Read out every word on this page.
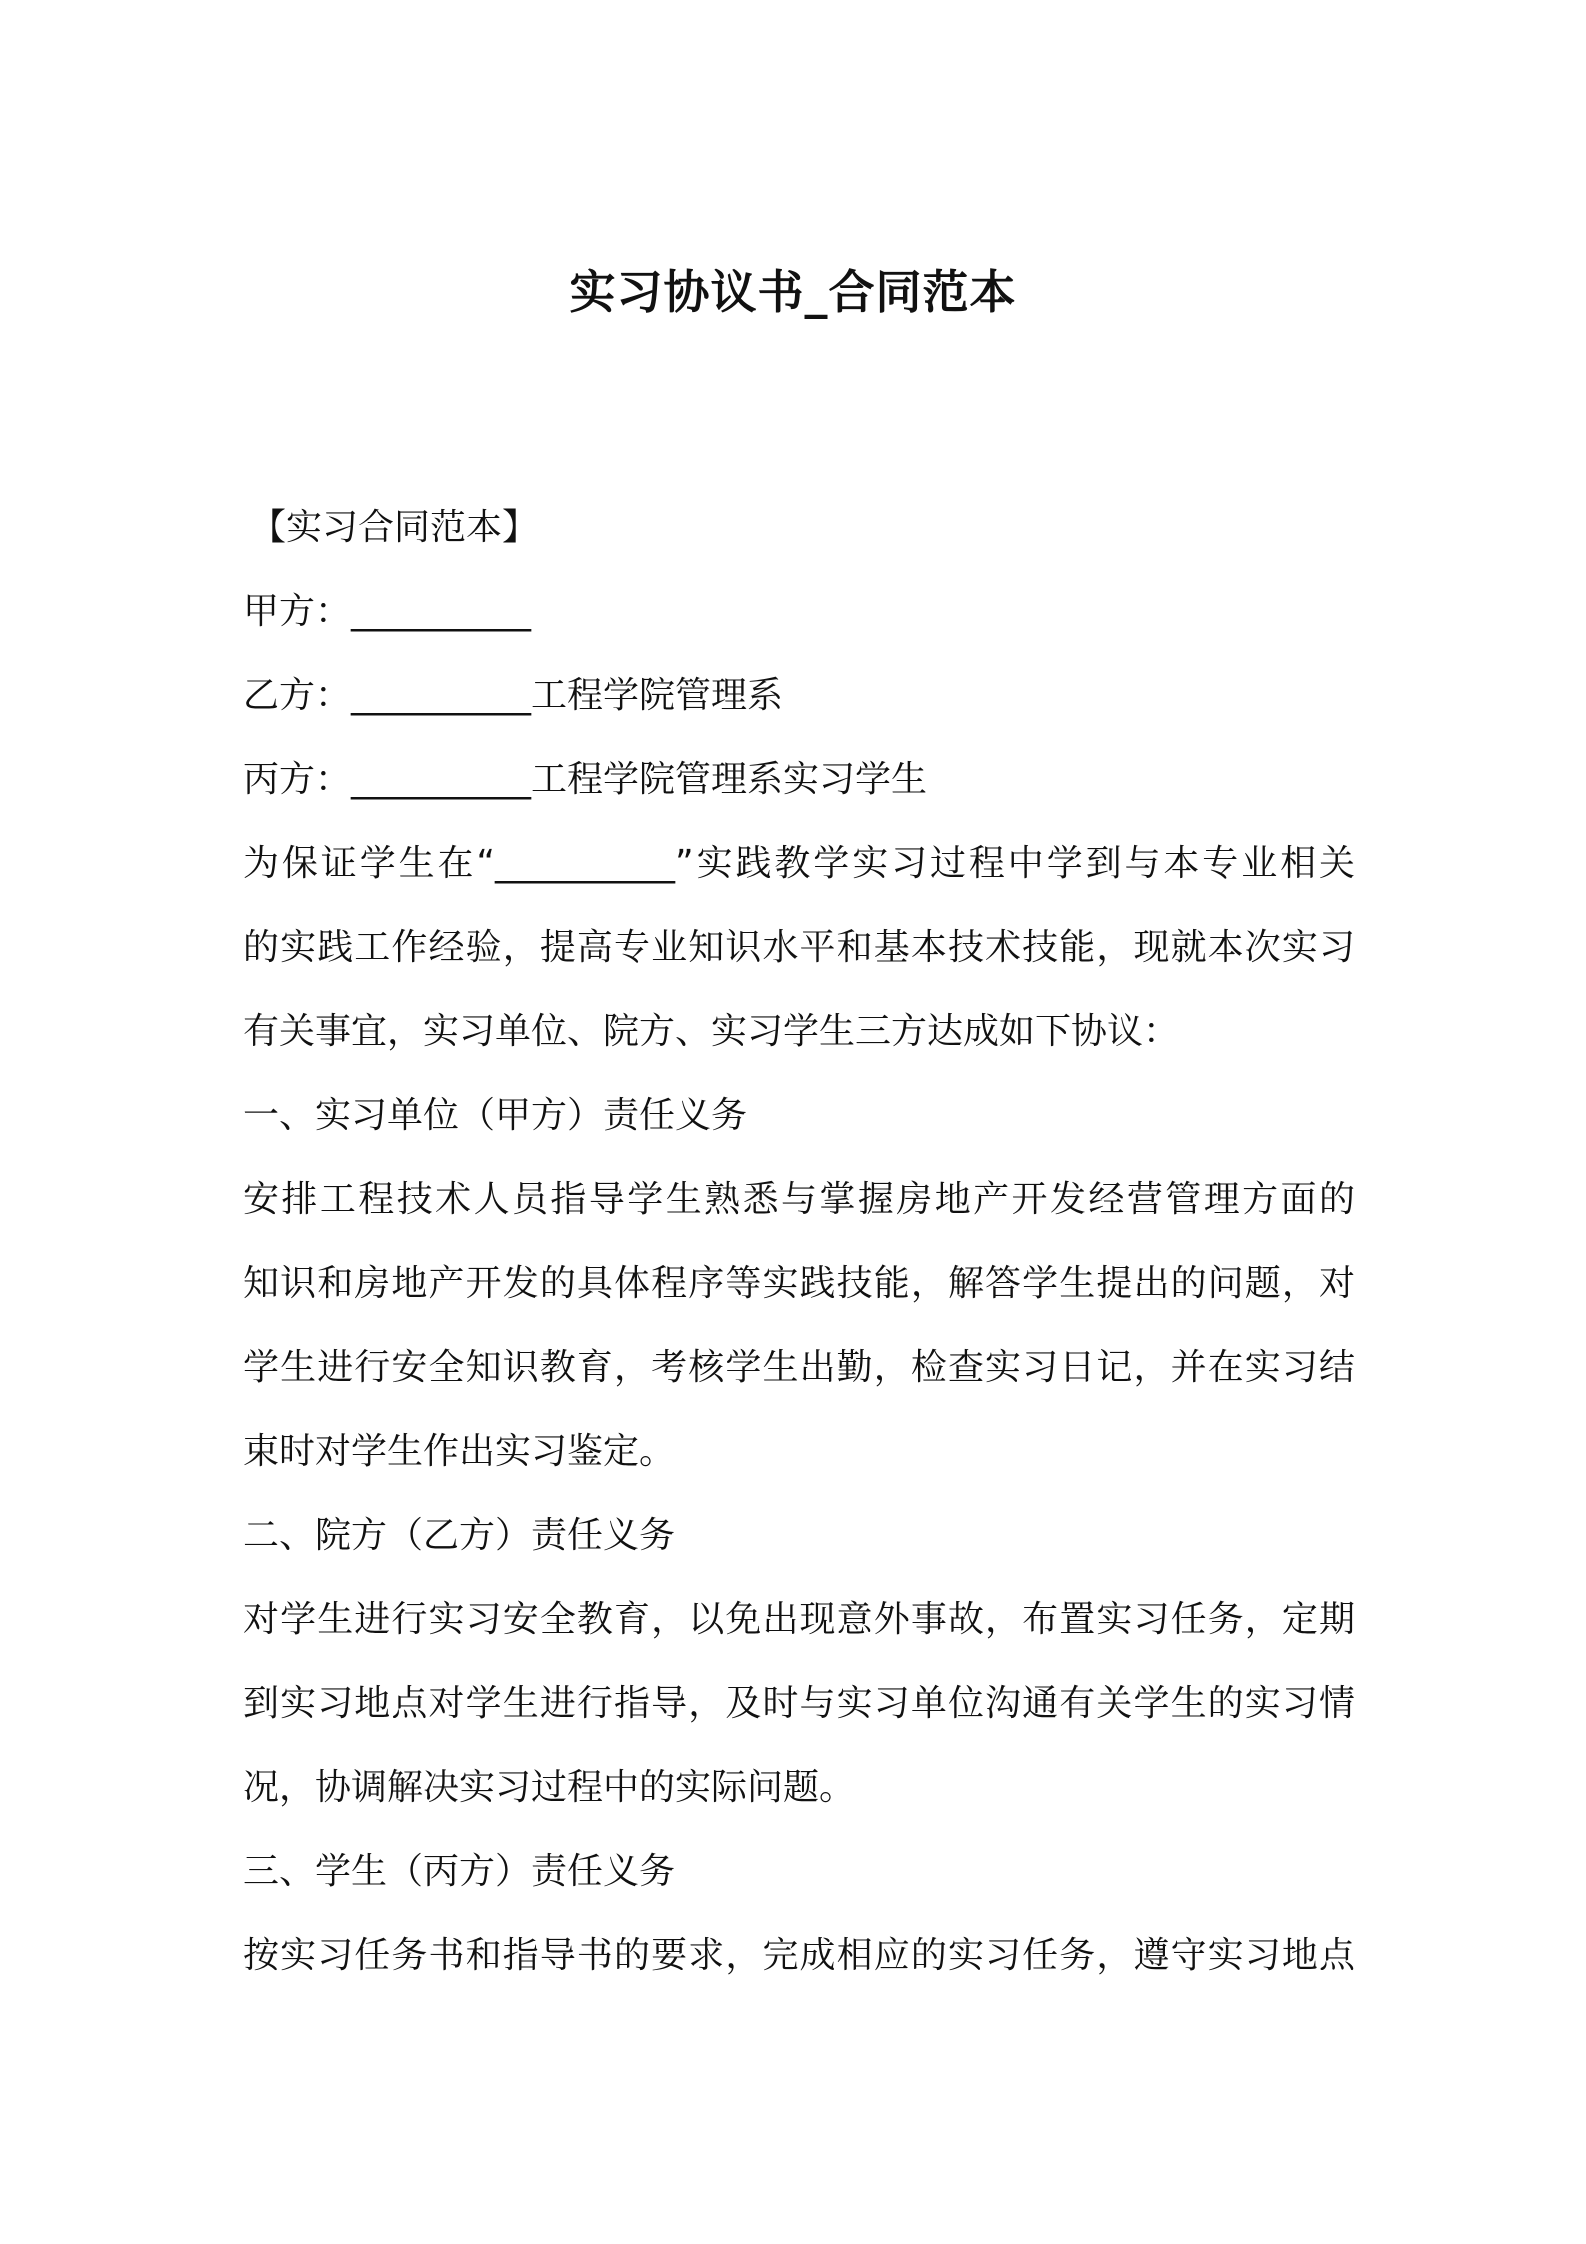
实习协议书_合同范本
【实习合同范本】
甲方：__________
乙方：__________工程学院管理系
丙方：__________工程学院管理系实习学生
为保证学生在“__________”实践教学实习过程中学到与本专业相关
的实践工作经验，提高专业知识水平和基本技术技能，现就本次实习
有关事宜，实习单位、院方、实习学生三方达成如下协议：
一、实习单位（甲方）责任义务
安排工程技术人员指导学生熟悉与掌握房地产开发经营管理方面的
知识和房地产开发的具体程序等实践技能，解答学生提出的问题，对
学生进行安全知识教育，考核学生出勤，检查实习日记，并在实习结
束时对学生作出实习鉴定。
二、院方（乙方）责任义务
对学生进行实习安全教育，以免出现意外事故，布置实习任务，定期
到实习地点对学生进行指导，及时与实习单位沟通有关学生的实习情
况，协调解决实习过程中的实际问题。
三、学生（丙方）责任义务
按实习任务书和指导书的要求，完成相应的实习任务，遵守实习地点
